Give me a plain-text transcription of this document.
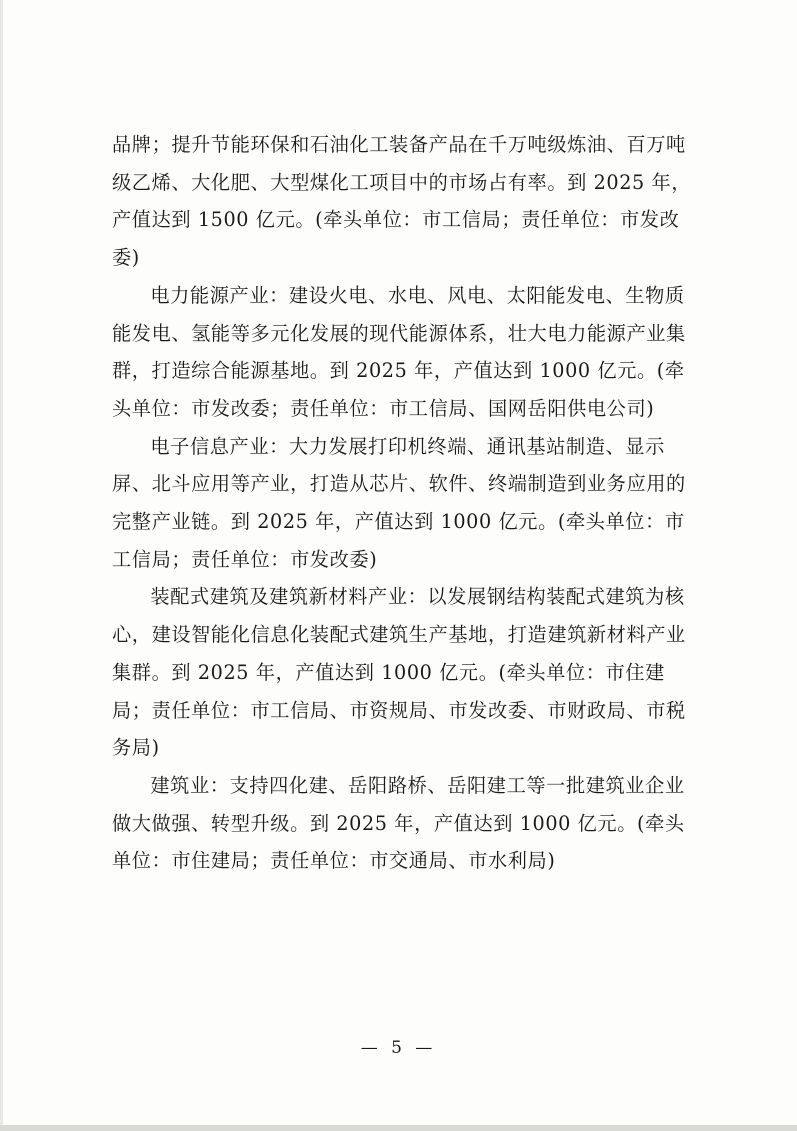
品牌；提升节能环保和石油化工装备产品在千万吨级炼油、百万吨级乙烯、大化肥、大型煤化工项目中的市场占有率。到 2025 年，产值达到 1500 亿元。(牵头单位：市工信局；责任单位：市发改委)

电力能源产业：建设火电、水电、风电、太阳能发电、生物质能发电、氢能等多元化发展的现代能源体系，壮大电力能源产业集群，打造综合能源基地。到 2025 年，产值达到 1000 亿元。(牵头单位：市发改委；责任单位：市工信局、国网岳阳供电公司)

电子信息产业：大力发展打印机终端、通讯基站制造、显示屏、北斗应用等产业，打造从芯片、软件、终端制造到业务应用的完整产业链。到 2025 年，产值达到 1000 亿元。(牵头单位：市工信局；责任单位：市发改委)

装配式建筑及建筑新材料产业：以发展钢结构装配式建筑为核心，建设智能化信息化装配式建筑生产基地，打造建筑新材料产业集群。到 2025 年，产值达到 1000 亿元。(牵头单位：市住建局；责任单位：市工信局、市资规局、市发改委、市财政局、市税务局)

建筑业：支持四化建、岳阳路桥、岳阳建工等一批建筑业企业做大做强、转型升级。到 2025 年，产值达到 1000 亿元。(牵头单位：市住建局；责任单位：市交通局、市水利局)

— 5 —
